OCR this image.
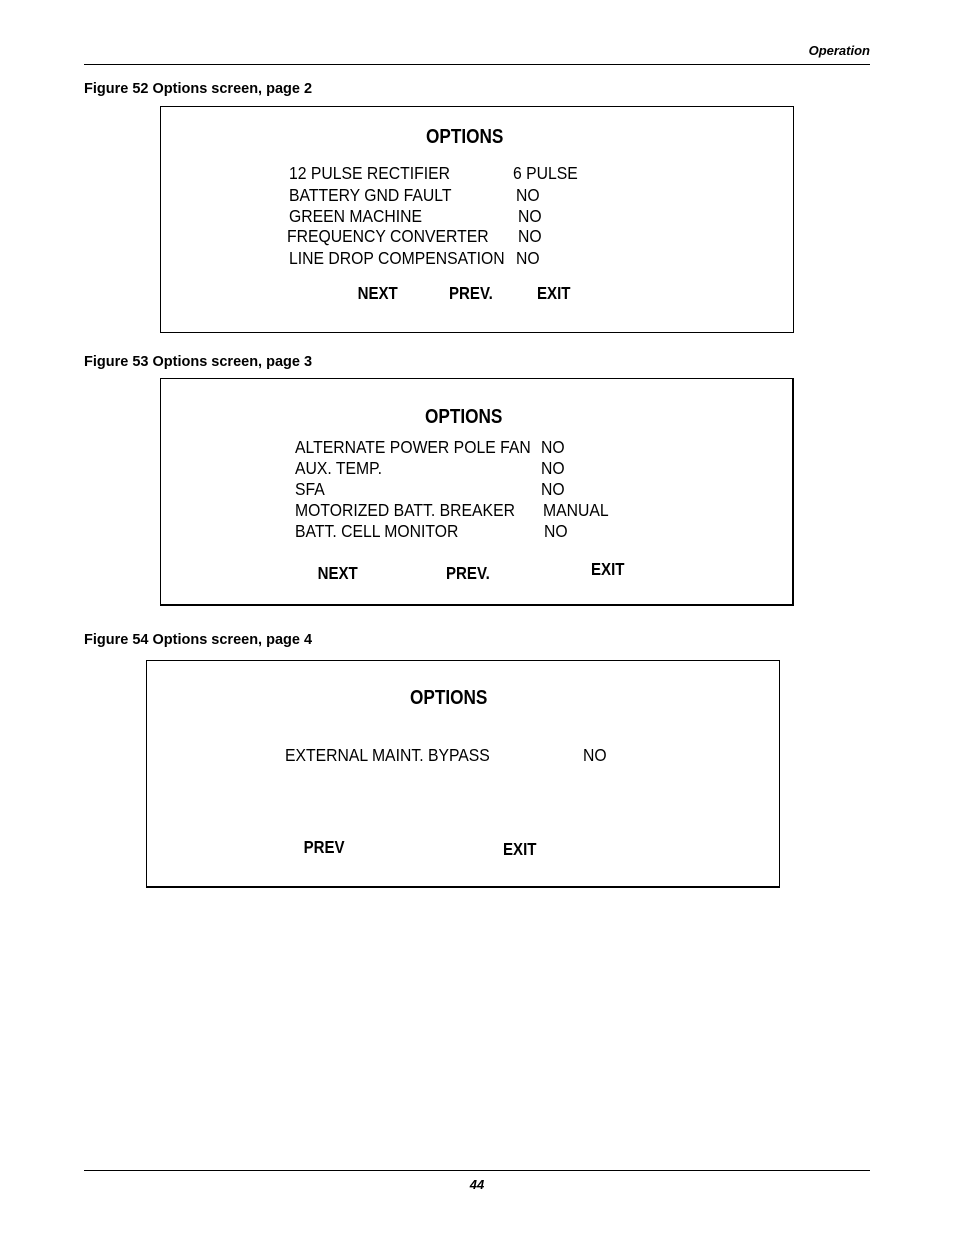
Operation
Figure 52 Options screen, page 2
OPTIONS
12 PULSE RECTIFIER	6 PULSE
BATTERY GND FAULT	NO
GREEN MACHINE	NO
FREQUENCY CONVERTER NO
LINE DROP COMPENSATION NO
NEXT	PREV.	EXIT
Figure 53 Options screen, page 3
OPTIONS
ALTERNATE POWER POLE FAN NO
AUX. TEMP.	NO
SFA	NO
MOTORIZED BATT. BREAKER MANUAL
BATT. CELL MONITOR	NO
NEXT	PREV.	EXIT
Figure 54 Options screen, page 4
OPTIONS
EXTERNAL MAINT. BYPASS	NO
PREV	EXIT
44
